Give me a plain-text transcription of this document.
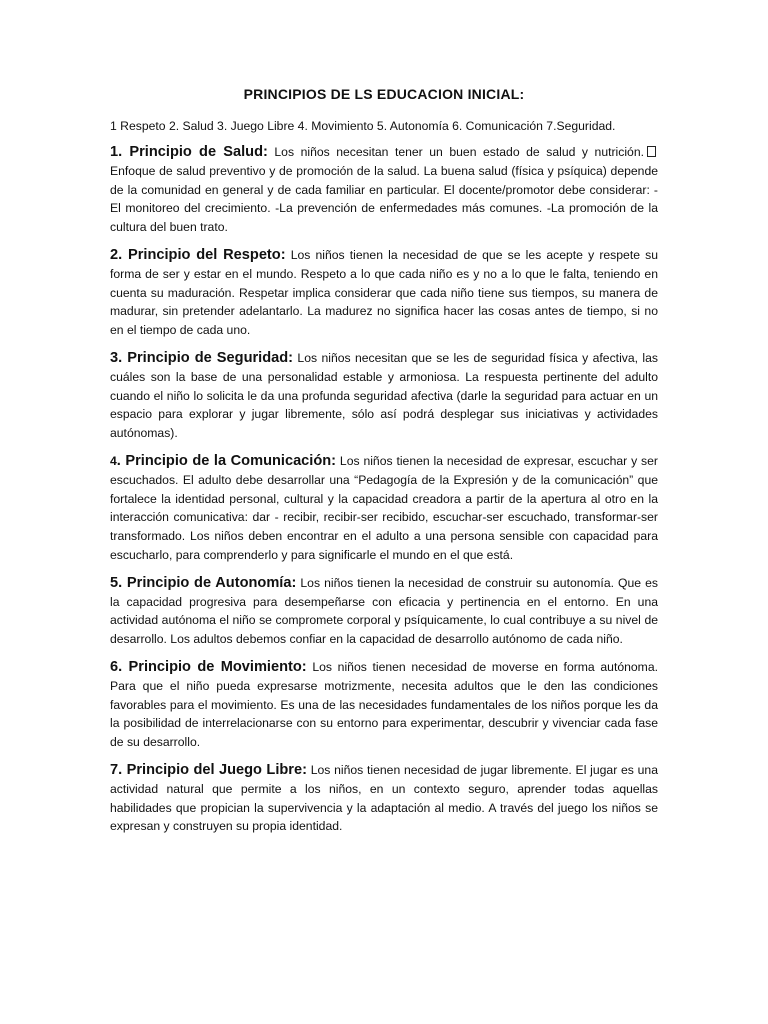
PRINCIPIOS DE LS EDUCACION INICIAL:

1 Respeto 2. Salud 3. Juego Libre 4. Movimiento 5. Autonomía 6. Comunicación 7.Seguridad.

1. Principio de Salud: Los niños necesitan tener un buen estado de salud y nutrición.Enfoque de salud preventivo y de promoción de la salud. La buena salud (física y psíquica) depende de la comunidad en general y de cada familiar en particular. El docente/promotor debe considerar: -El monitoreo del crecimiento. -La prevención de enfermedades más comunes. -La promoción de la cultura del buen trato.

2. Principio del Respeto: Los niños tienen la necesidad de que se les acepte y respete su forma de ser y estar en el mundo. Respeto a lo que cada niño es y no a lo que le falta, teniendo en cuenta su maduración. Respetar implica considerar que cada niño tiene sus tiempos, su manera de madurar, sin pretender adelantarlo. La madurez no significa hacer las cosas antes de tiempo, si no en el tiempo de cada uno.

3. Principio de Seguridad: Los niños necesitan que se les de seguridad física y afectiva, las cuáles son la base de una personalidad estable y armoniosa. La respuesta pertinente del adulto cuando el niño lo solicita le da una profunda seguridad afectiva (darle la seguridad para actuar en un espacio para explorar y jugar libremente, sólo así podrá desplegar sus iniciativas y actividades autónomas).

4. Principio de la Comunicación: Los niños tienen la necesidad de expresar, escuchar y ser escuchados. El adulto debe desarrollar una “Pedagogía de la Expresión y de la comunicación” que fortalece la identidad personal, cultural y la capacidad creadora a partir de la apertura al otro en la interacción comunicativa: dar - recibir, recibir-ser recibido, escuchar-ser escuchado, transformar-ser transformado. Los niños deben encontrar en el adulto a una persona sensible con capacidad para escucharlo, para comprenderlo y para significarle el mundo en el que está.

5. Principio de Autonomía: Los niños tienen la necesidad de construir su autonomía. Que es la capacidad progresiva para desempeñarse con eficacia y pertinencia en el entorno. En una actividad autónoma el niño se compromete corporal y psíquicamente, lo cual contribuye a su nivel de desarrollo. Los adultos debemos confiar en la capacidad de desarrollo autónomo de cada niño.

6. Principio de Movimiento: Los niños tienen necesidad de moverse en forma autónoma. Para que el niño pueda expresarse motrizmente, necesita adultos que le den las condiciones favorables para el movimiento. Es una de las necesidades fundamentales de los niños porque les da la posibilidad de interrelacionarse con su entorno para experimentar, descubrir y vivenciar cada fase de su desarrollo.

7. Principio del Juego Libre: Los niños tienen necesidad de jugar libremente. El jugar es una actividad natural que permite a los niños, en un contexto seguro, aprender todas aquellas habilidades que propician la supervivencia y la adaptación al medio. A través del juego los niños se expresan y construyen su propia identidad.
